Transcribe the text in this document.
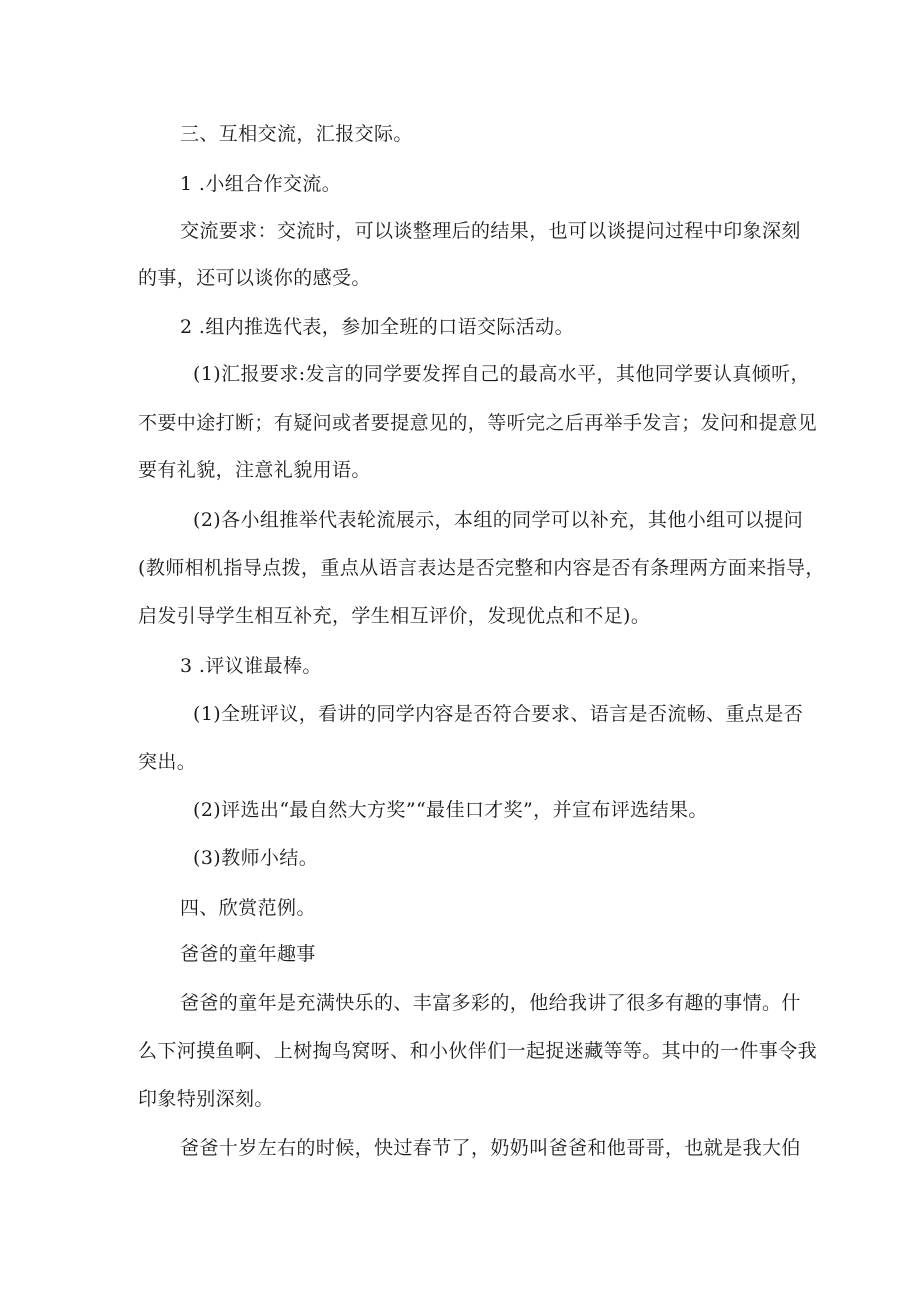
三、互相交流，汇报交际。
1 .小组合作交流。
交流要求：交流时，可以谈整理后的结果，也可以谈提问过程中印象深刻
的事，还可以谈你的感受。
2 .组内推选代表，参加全班的口语交际活动。
(1)汇报要求:发言的同学要发挥自己的最高水平，其他同学要认真倾听，
不要中途打断；有疑问或者要提意见的，等听完之后再举手发言；发问和提意见
要有礼貌，注意礼貌用语。
(2)各小组推举代表轮流展示，本组的同学可以补充，其他小组可以提问
(教师相机指导点拨，重点从语言表达是否完整和内容是否有条理两方面来指导，
启发引导学生相互补充，学生相互评价，发现优点和不足)。
3 .评议谁最棒。
(1)全班评议，看讲的同学内容是否符合要求、语言是否流畅、重点是否
突出。
(2)评选出“最自然大方奖”“最佳口才奖”，并宣布评选结果。
(3)教师小结。
四、欣赏范例。
爸爸的童年趣事
爸爸的童年是充满快乐的、丰富多彩的，他给我讲了很多有趣的事情。什
么下河摸鱼啊、上树掏鸟窝呀、和小伙伴们一起捉迷藏等等。其中的一件事令我
印象特别深刻。
爸爸十岁左右的时候，快过春节了，奶奶叫爸爸和他哥哥，也就是我大伯
